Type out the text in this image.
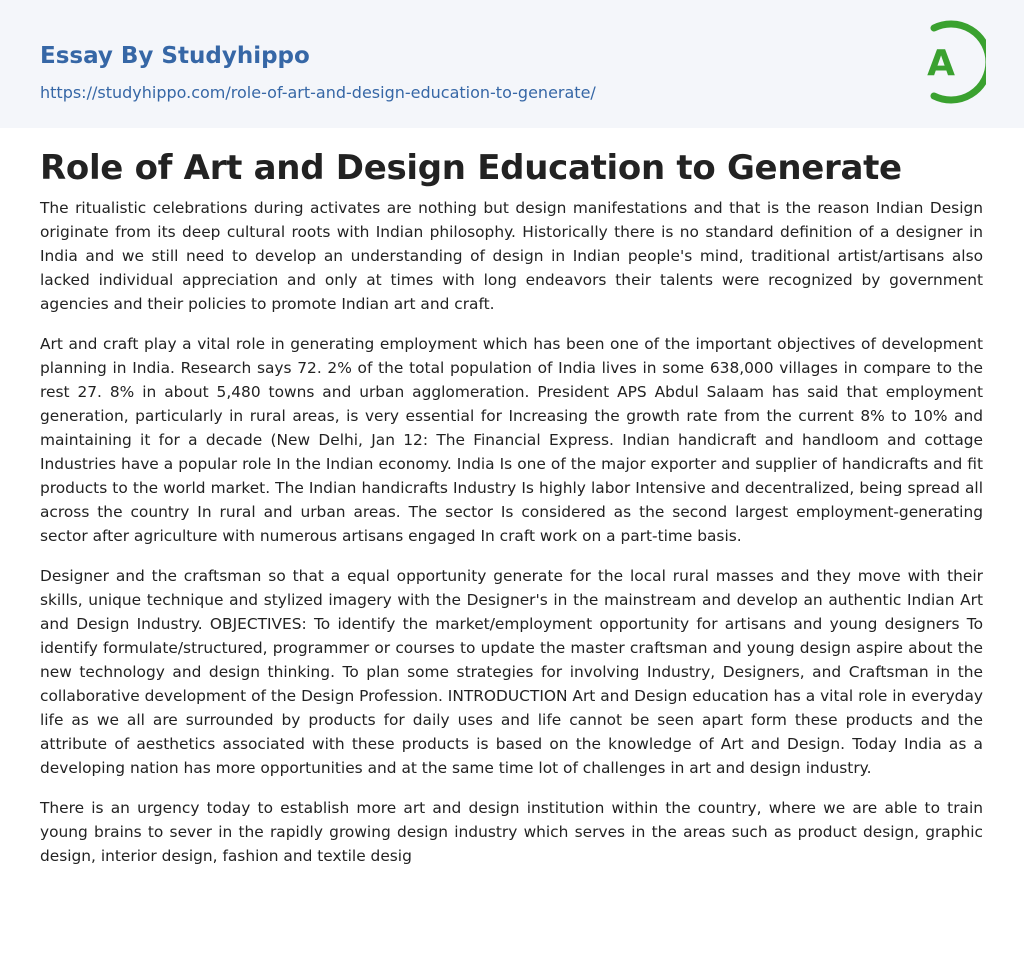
Essay By Studyhippo
https://studyhippo.com/role-of-art-and-design-education-to-generate/
A
Role of Art and Design Education to Generate

The ritualistic celebrations during activates are nothing but design manifestations and that is the reason Indian Design originate from its deep cultural roots with Indian philosophy. Historically there is no standard definition of a designer in India and we still need to develop an understanding of design in Indian people's mind, traditional artist/artisans also lacked individual appreciation and only at times with long endeavors their talents were recognized by government agencies and their policies to promote Indian art and craft.

Art and craft play a vital role in generating employment which has been one of the important objectives of development planning in India. Research says 72. 2% of the total population of India lives in some 638,000 villages in compare to the rest 27. 8% in about 5,480 towns and urban agglomeration. President APS Abdul Salaam has said that employment generation, particularly in rural areas, is very essential for Increasing the growth rate from the current 8% to 10% and maintaining it for a decade (New Delhi, Jan 12: The Financial Express. Indian handicraft and handloom and cottage Industries have a popular role In the Indian economy. India Is one of the major exporter and supplier of handicrafts and fit products to the world market. The Indian handicrafts Industry Is highly labor Intensive and decentralized, being spread all across the country In rural and urban areas. The sector Is considered as the second largest employment-generating sector after agriculture with numerous artisans engaged In craft work on a part-time basis.

Designer and the craftsman so that a equal opportunity generate for the local rural masses and they move with their skills, unique technique and stylized imagery with the Designer's in the mainstream and develop an authentic Indian Art and Design Industry. OBJECTIVES: To identify the market/employment opportunity for artisans and young designers To identify formulate/structured, programmer or courses to update the master craftsman and young design aspire about the new technology and design thinking. To plan some strategies for involving Industry, Designers, and Craftsman in the collaborative development of the Design Profession. INTRODUCTION Art and Design education has a vital role in everyday life as we all are surrounded by products for daily uses and life cannot be seen apart form these products and the attribute of aesthetics associated with these products is based on the knowledge of Art and Design. Today India as a developing nation has more opportunities and at the same time lot of challenges in art and design industry.

There is an urgency today to establish more art and design institution within the country, where we are able to train young brains to sever in the rapidly growing design industry which serves in the areas such as product design, graphic design, interior design, fashion and textile desig
